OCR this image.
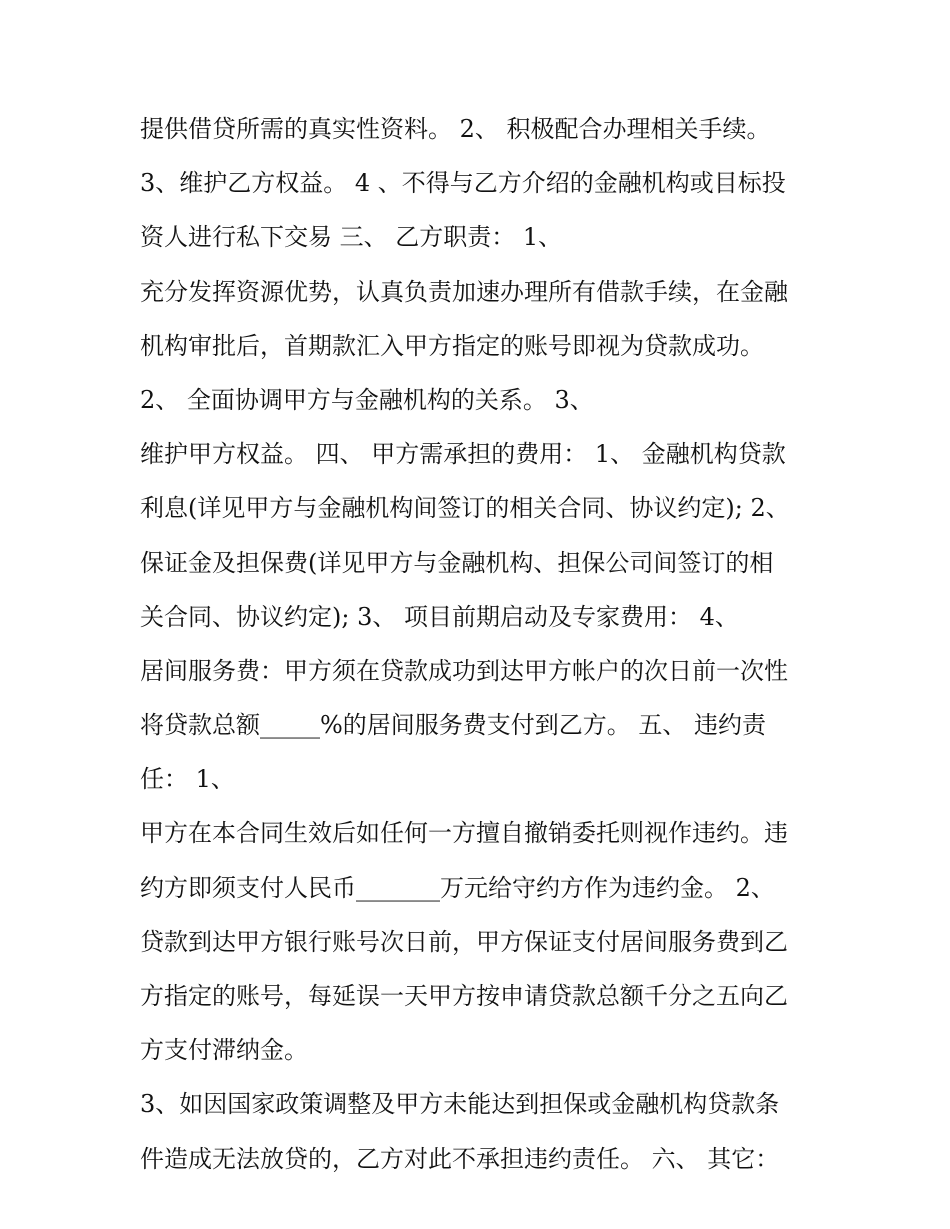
提供借贷所需的真实性资料。 2、 积极配合办理相关手续。
3、维护乙方权益。 4 、不得与乙方介绍的金融机构或目标投
资人进行私下交易 三、 乙方职责： 1、
充分发挥资源优势，认真负责加速办理所有借款手续，在金融
机构审批后，首期款汇入甲方指定的账号即视为贷款成功。
2、 全面协调甲方与金融机构的关系。 3、
维护甲方权益。 四、 甲方需承担的费用： 1、 金融机构贷款
利息(详见甲方与金融机构间签订的相关合同、协议约定); 2、
保证金及担保费(详见甲方与金融机构、担保公司间签订的相
关合同、协议约定); 3、 项目前期启动及专家费用： 4、
居间服务费：甲方须在贷款成功到达甲方帐户的次日前一次性
将贷款总额_____%的居间服务费支付到乙方。 五、 违约责
任： 1、
甲方在本合同生效后如任何一方擅自撤销委托则视作违约。违
约方即须支付人民币_______万元给守约方作为违约金。 2、
贷款到达甲方银行账号次日前，甲方保证支付居间服务费到乙
方指定的账号，每延误一天甲方按申请贷款总额千分之五向乙
方支付滞纳金。
3、如因国家政策调整及甲方未能达到担保或金融机构贷款条
件造成无法放贷的，乙方对此不承担违约责任。 六、 其它：
